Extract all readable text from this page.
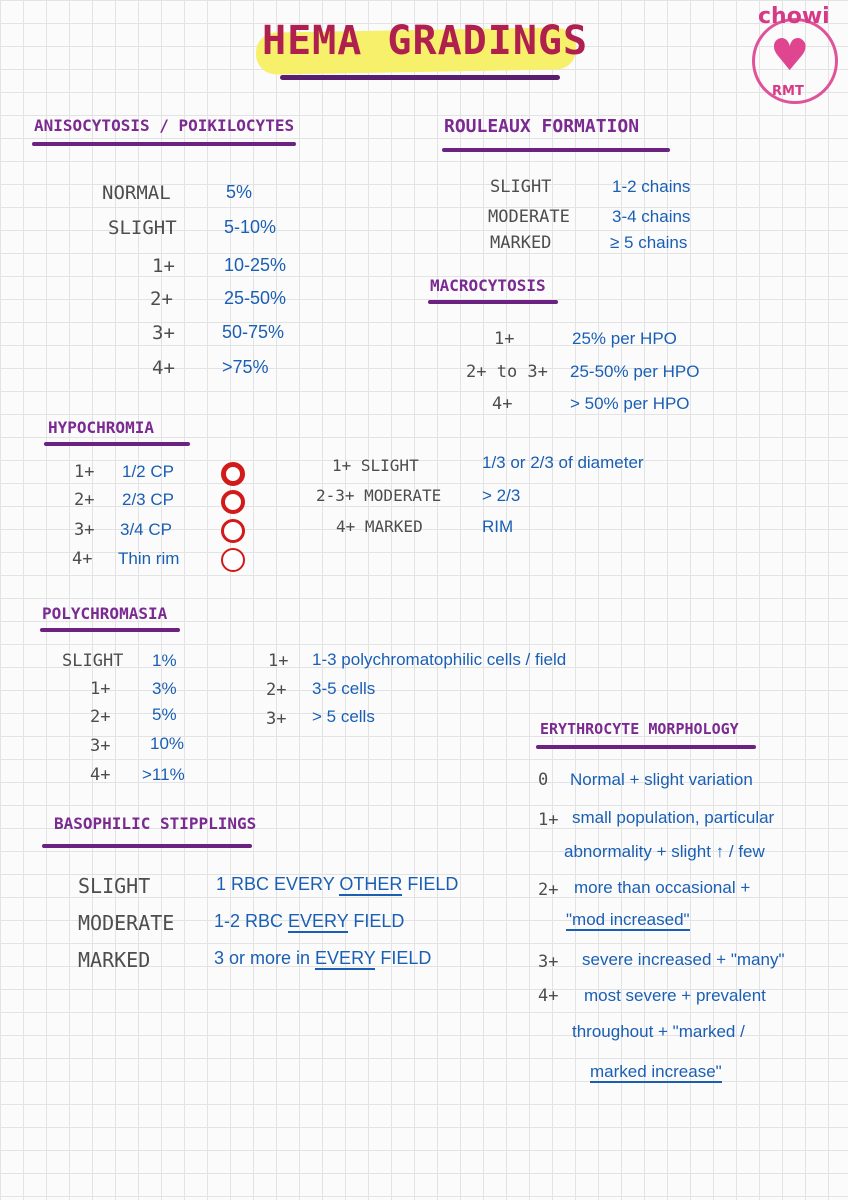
HEMA GRADINGS
chowi
♥
RMT
ANISOCYTOSIS / POIKILOCYTES
NORMAL	5%
SLIGHT	5-10%
1+	10-25%
2+	25-50%
3+	50-75%
4+	>75%
ROULEAUX FORMATION
SLIGHT	1-2 chains
MODERATE 3-4 chains
MARKED	≥ 5 chains
MACROCYTOSIS
1+	25% per HPO
2+ to 3+ 25-50% per HPO
4+	> 50% per HPO
HYPOCHROMIA
1+ 1/2 CP
2+ 2/3 CP
3+ 3/4 CP
4+ Thin rim
1+ SLIGHT	1/3 or 2/3 of diameter
2-3+ MODERATE > 2/3
4+ MARKED	RIM
POLYCHROMASIA
SLIGHT 1%
1+ 3%
2+ 5%
3+ 10%
4+ >11%
1+ 1-3 polychromatophilic cells / field
2+ 3-5 cells
3+ > 5 cells
BASOPHILIC STIPPLINGS
SLIGHT	1 RBC EVERY OTHER FIELD
MODERATE 1-2 RBC EVERY FIELD
MARKED	3 or more in EVERY FIELD
ERYTHROCYTE MORPHOLOGY
0 Normal + slight variation
1+ small population, particular
abnormality + slight ↑ / few
2+ more than occasional +
"mod increased"
3+ severe increased + "many"
4+ most severe + prevalent
throughout + "marked /
marked increase"
